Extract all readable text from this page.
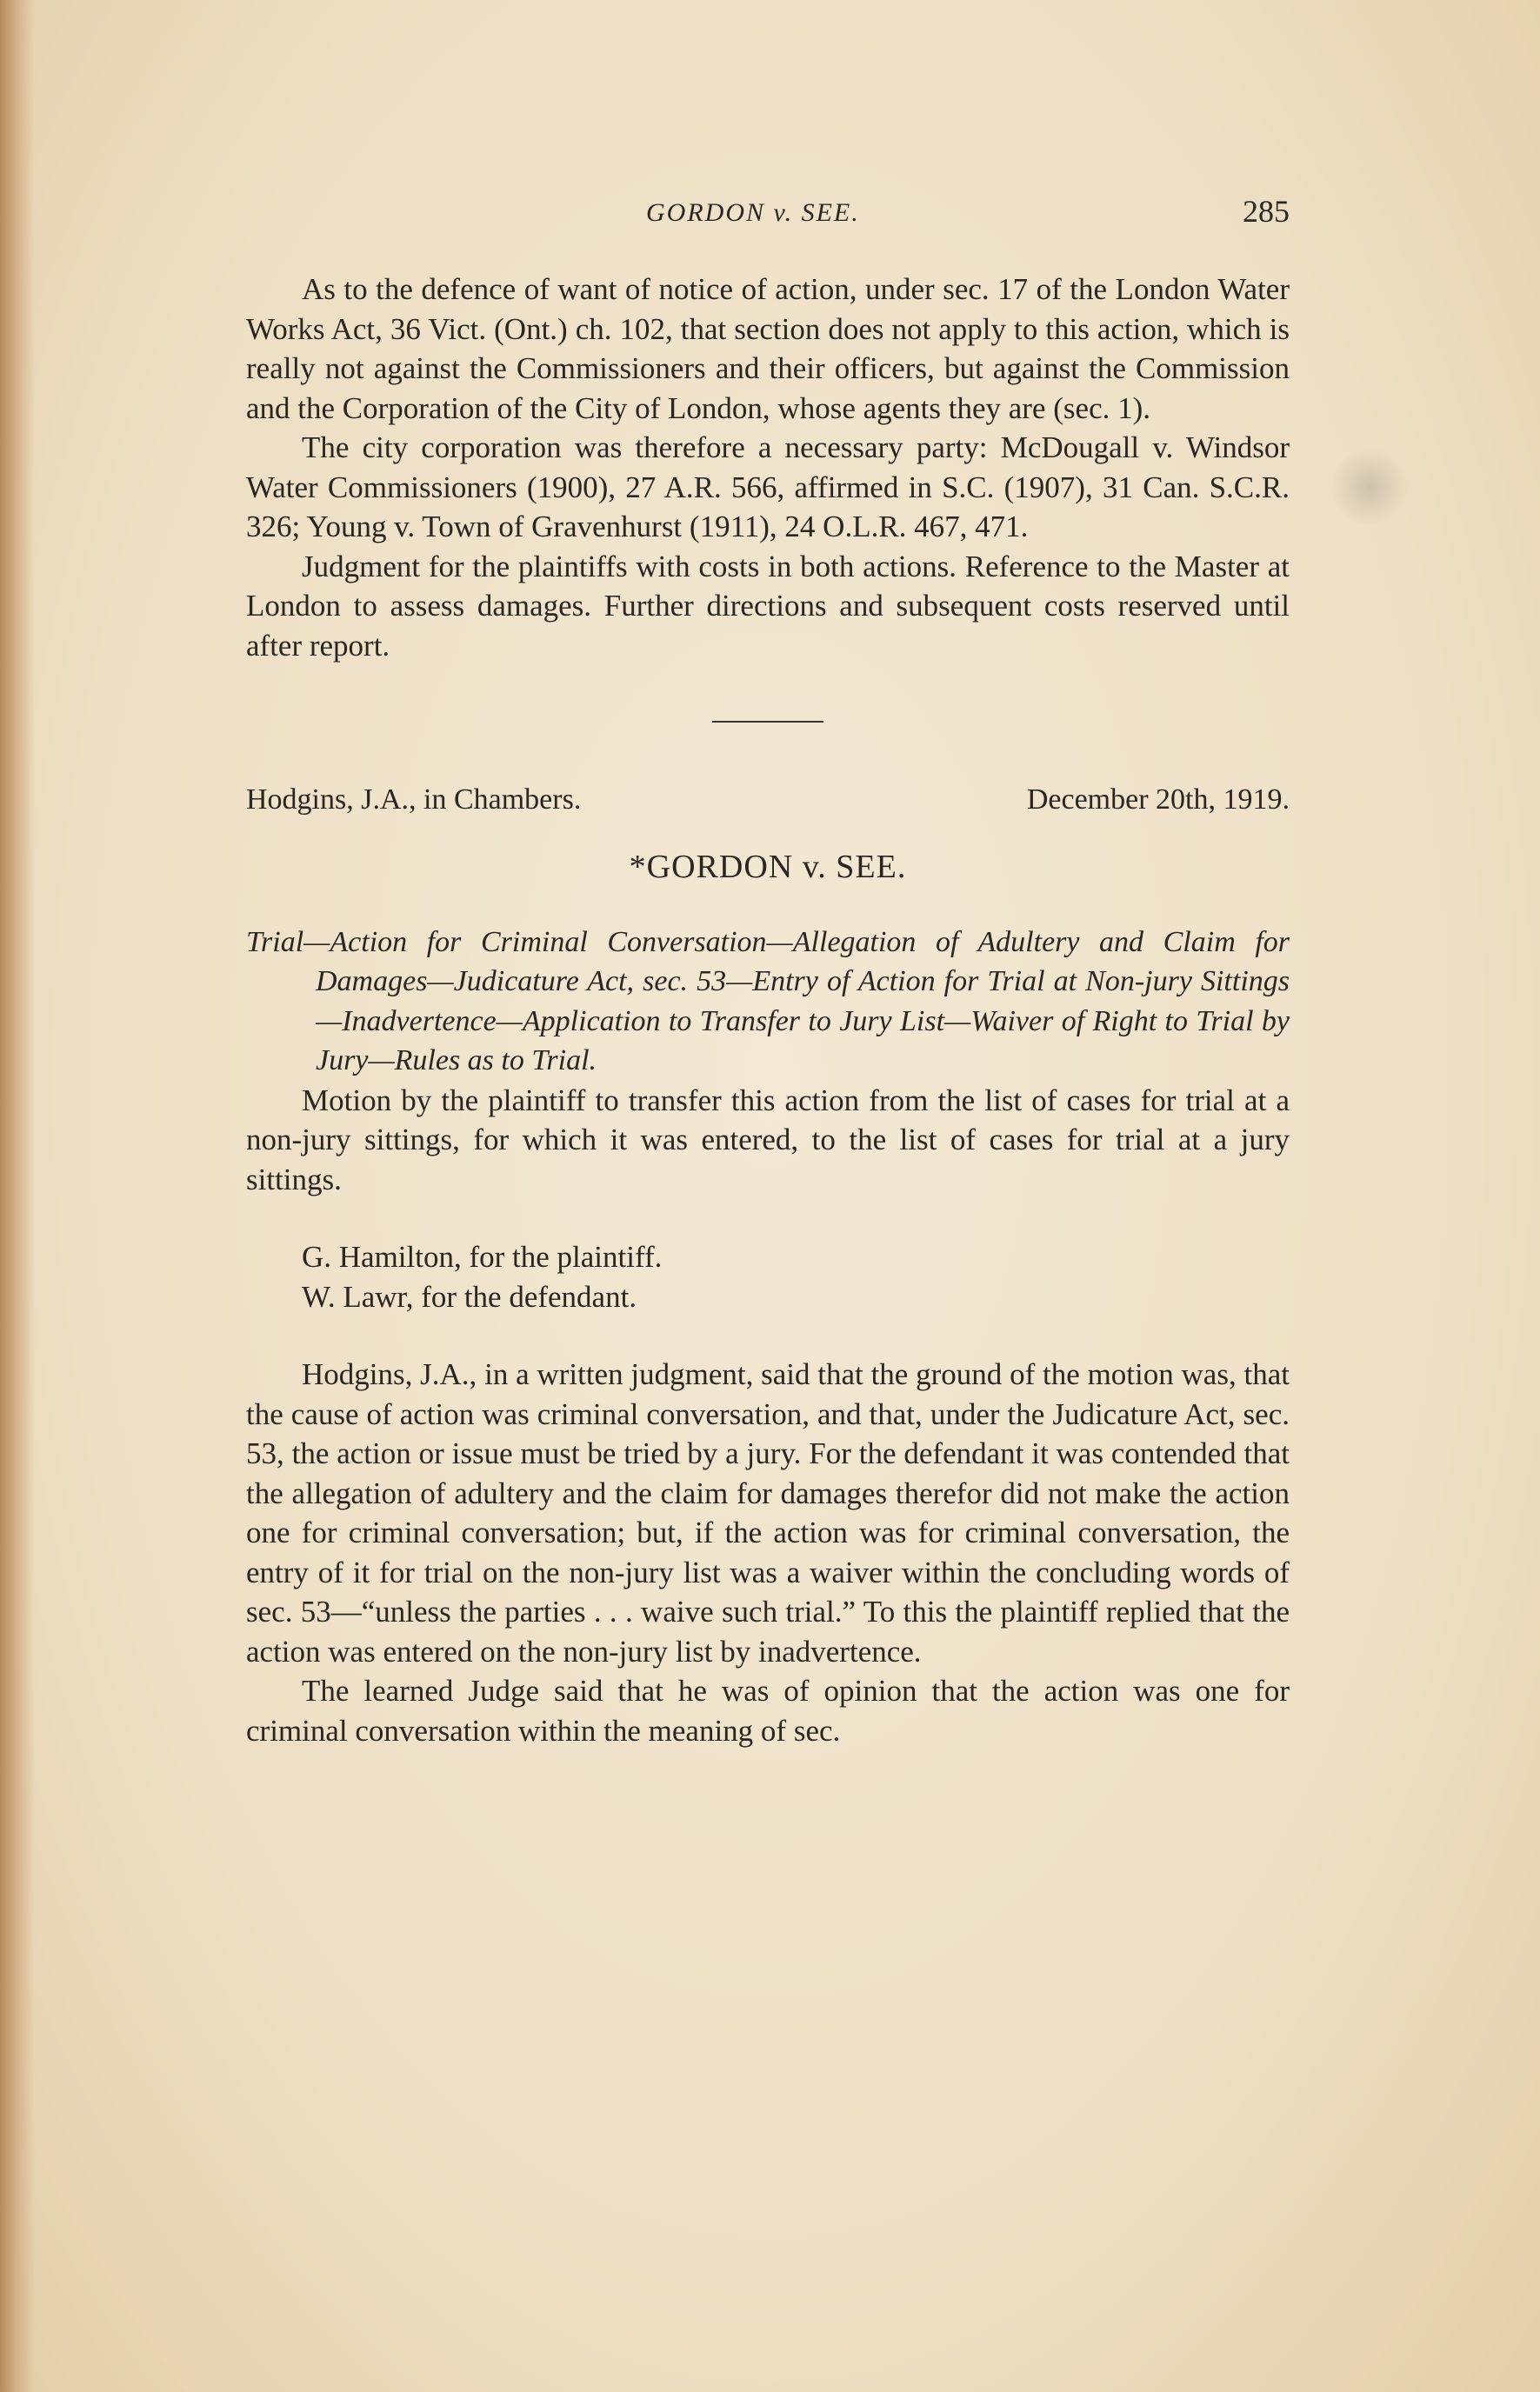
GORDON v. SEE.	285

As to the defence of want of notice of action, under sec. 17 of the London Water Works Act, 36 Vict. (Ont.) ch. 102, that section does not apply to this action, which is really not against the Commissioners and their officers, but against the Commission and the Corporation of the City of London, whose agents they are (sec. 1).

The city corporation was therefore a necessary party: McDougall v. Windsor Water Commissioners (1900), 27 A.R. 566, affirmed in S.C. (1907), 31 Can. S.C.R. 326; Young v. Town of Gravenhurst (1911), 24 O.L.R. 467, 471.

Judgment for the plaintiffs with costs in both actions. Reference to the Master at London to assess damages. Further directions and subsequent costs reserved until after report.

Hodgins, J.A., in Chambers.	December 20th, 1919.
*GORDON v. SEE.
Trial—Action for Criminal Conversation—Allegation of Adultery and Claim for Damages—Judicature Act, sec. 53—Entry of Action for Trial at Non-jury Sittings—Inadvertence—Application to Transfer to Jury List—Waiver of Right to Trial by Jury—Rules as to Trial.

Motion by the plaintiff to transfer this action from the list of cases for trial at a non-jury sittings, for which it was entered, to the list of cases for trial at a jury sittings.

G. Hamilton, for the plaintiff.

W. Lawr, for the defendant.

Hodgins, J.A., in a written judgment, said that the ground of the motion was, that the cause of action was criminal conversation, and that, under the Judicature Act, sec. 53, the action or issue must be tried by a jury. For the defendant it was contended that the allegation of adultery and the claim for damages therefor did not make the action one for criminal conversation; but, if the action was for criminal conversation, the entry of it for trial on the non-jury list was a waiver within the concluding words of sec. 53—“unless the parties . . . waive such trial.” To this the plaintiff replied that the action was entered on the non-jury list by inadvertence.

The learned Judge said that he was of opinion that the action was one for criminal conversation within the meaning of sec.
